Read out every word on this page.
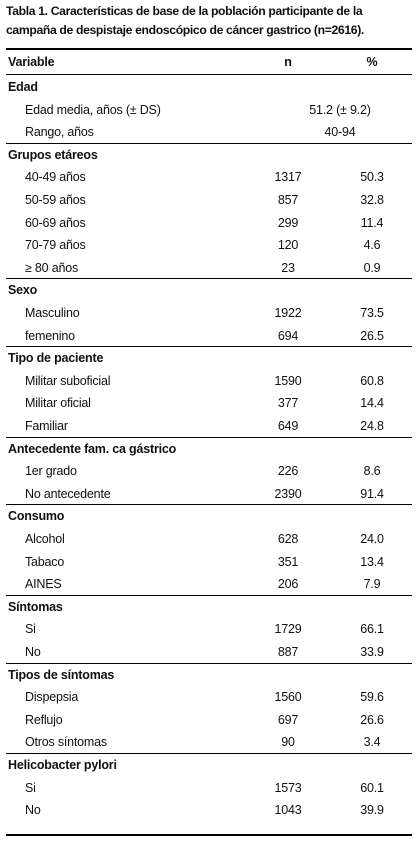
Tabla 1. Características de base de la población participante de la campaña de despistaje endoscópico de cáncer gastrico (n=2616).
Variable	n	%
Edad
Edad media, años (± DS)	51.2 (± 9.2)
Rango, años	40-94
Grupos etáreos
40-49 años	1317	50.3
50-59 años	857	32.8
60-69 años	299	11.4
70-79 años	120	4.6
≥ 80 años	23	0.9
Sexo
Masculino	1922	73.5
femenino	694	26.5
Tipo de paciente
Militar suboficial	1590	60.8
Militar oficial	377	14.4
Familiar	649	24.8
Antecedente fam. ca gástrico
1er grado	226	8.6
No antecedente	2390	91.4
Consumo
Alcohol	628	24.0
Tabaco	351	13.4
AINES	206	7.9
Síntomas
Si	1729	66.1
No	887	33.9
Tipos de síntomas
Dispepsia	1560	59.6
Reflujo	697	26.6
Otros síntomas	90	3.4
Helicobacter pylori
Si	1573	60.1
No	1043	39.9
